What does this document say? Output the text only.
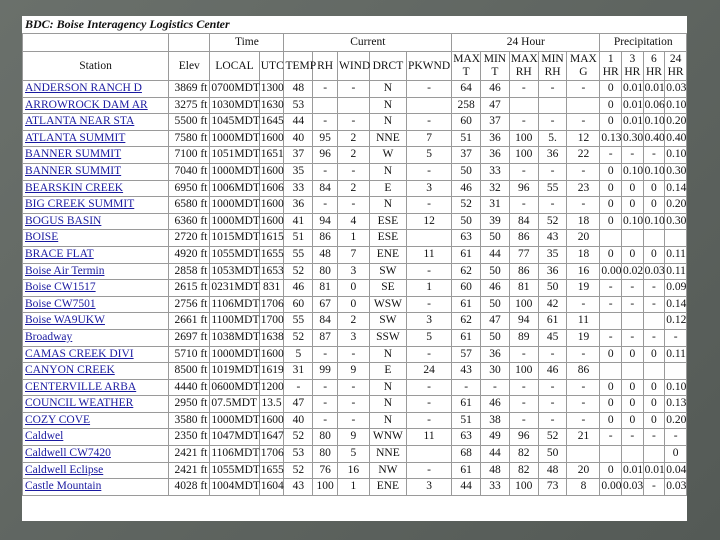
BDC: Boise Interagency Logistics Center
		Time		Current					24 Hour					Precipitation			
Station	Elev	LOCAL	UTC	TEMP	RH	WIND	DRCT	PKWND	MAX T	MIN T	MAX RH	MIN RH	MAX G	1 HR	3 HR	6 HR	24 HR
ANDERSON RANCH D	3869 ft	0700MDT	1300	48	-	-	N	-	64	46	-	-	-	0	0.01	0.01	0.03
ARROWROCK DAM AR	3275 ft	1030MDT	1630	53			N		258	47				0	0.01	0.06	0.10
ATLANTA NEAR STA	5500 ft	1045MDT	1645	44	-	-	N	-	60	37	-	-	-	0	0.01	0.10	0.20
ATLANTA SUMMIT	7580 ft	1000MDT	1600	40	95	2	NNE	7	51	36	100	5.	12	0.13	0.30	0.40	0.40
BANNER SUMMIT	7100 ft	1051MDT	1651	37	96	2	W	5	37	36	100	36	22	-	-	-	0.10
BANNER SUMMIT	7040 ft	1000MDT	1600	35	-	-	N	-	50	33	-	-	-	0	0.10	0.10	0.30
BEARSKIN CREEK	6950 ft	1006MDT	1606	33	84	2	E	3	46	32	96	55	23	0	0	0	0.14
BIG CREEK SUMMIT	6580 ft	1000MDT	1600	36	-	-	N	-	52	31	-	-	-	0	0	0	0.20
BOGUS BASIN	6360 ft	1000MDT	1600	41	94	4	ESE	12	50	39	84	52	18	0	0.10	0.10	0.30
BOISE	2720 ft	1015MDT	1615	51	86	1	ESE		63	50	86	43	20				
BRACE FLAT	4920 ft	1055MDT	1655	55	48	7	ENE	11	61	44	77	35	18	0	0	0	0.11
Boise Air Termin	2858 ft	1053MDT	1653	52	80	3	SW	-	62	50	86	36	16	0.00	0.02	0.03	0.11
Boise CW1517	2615 ft	0231MDT	831	46	81	0	SE	1	60	46	81	50	19	-	-	-	0.09
Boise CW7501	2756 ft	1106MDT	1706	60	67	0	WSW	-	61	50	100	42	-	-	-	-	0.14
Boise WA9UKW	2661 ft	1100MDT	1700	55	84	2	SW	3	62	47	94	61	11				0.12
Broadway	2697 ft	1038MDT	1638	52	87	3	SSW	5	61	50	89	45	19	-	-	-	-
CAMAS CREEK DIVI	5710 ft	1000MDT	1600	5	-	-	N	-	57	36	-	-	-	0	0	0	0.11
CANYON CREEK	8500 ft	1019MDT	1619	31	99	9	E	24	43	30	100	46	86				
CENTERVILLE ARBA	4440 ft	0600MDT	1200	-	-	-	N	-	-	-	-	-	-	0	0	0	0.10
COUNCIL WEATHER	2950 ft	07.5MDT	13.5	47	-	-	N	-	61	46	-	-	-	0	0	0	0.13
COZY COVE	3580 ft	1000MDT	1600	40	-	-	N	-	51	38	-	-	-	0	0	0	0.20
Caldwel	2350 ft	1047MDT	1647	52	80	9	WNW	11	63	49	96	52	21	-	-	-	-
Caldwell CW7420	2421 ft	1106MDT	1706	53	80	5	NNE		68	44	82	50					0
Caldwell Eclipse	2421 ft	1055MDT	1655	52	76	16	NW	-	61	48	82	48	20	0	0.01	0.01	0.04
Castle Mountain	4028 ft	1004MDT	1604	43	100	1	ENE	3	44	33	100	73	8	0.00	0.03	-	0.03
